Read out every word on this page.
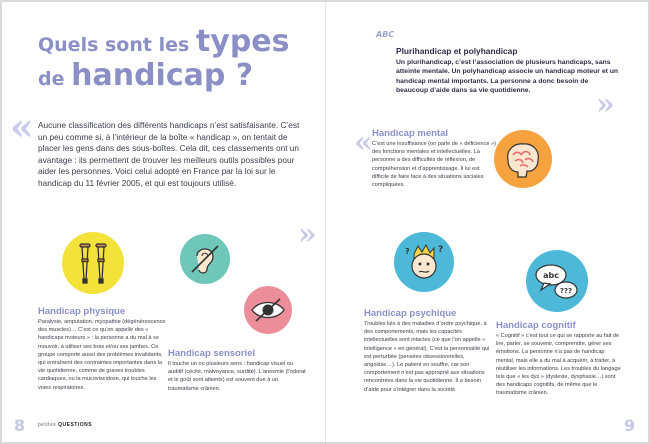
Quels sont les types
de handicap ?
«	«
»
»

Aucune classification des différents handicaps n’est satisfaisante. C’est un peu comme si, à l’intérieur de la boîte « handicap », on tentait de placer les gens dans des sous-boîtes. Cela dit, ces classements ont un avantage : ils permettent de trouver les meilleurs outils possibles pour aider les personnes. Voici celui adopté en France par la loi sur le handicap du 11 février 2005, et qui est toujours utilisé.

ABC
Plurihandicap et polyhandicap

Un plurihandicap, c’est l’association de plusieurs handicaps, sans atteinte mentale. Un polyhandicap associe un handicap moteur et un handicap mental importants. La personne a donc besoin de beaucoup d’aide dans sa vie quotidienne.

Handicap mental

C’est une insuffisance (on parle de « déficience ») des fonctions mentales et intellectuelles. La personne a des difficultés de réflexion, de compréhension et d’apprentissage. Il lui est difficile de faire face à des situations sociales compliquées.

Handicap physique

Paralysie, amputation, myopathie (dégénérescence des muscles)… C’est ce qu’on appelle des « handicaps moteurs » : la personne a du mal à se mouvoir, à utiliser ses bras et/ou ses jambes. Ce groupe comporte aussi des problèmes invalidants, qui entraînent des contraintes importantes dans la vie quotidienne, comme de graves troubles cardiaques, ou la mucoviscidose, qui touche les voies respiratoires.

Handicap sensoriel

Il touche un ou plusieurs sens : handicap visuel ou auditif (cécité, malvoyance, surdité). L’anosmie (l’odorat et le goût sont atteints) est souvent due à un traumatisme crânien.

?
?
Handicap psychique

Troubles liés à des maladies d’ordre psychique, à des comportements, mais les capacités intellectuelles sont intactes (ce que l’on appelle « intelligence » en général). C’est la personnalité qui est perturbée (pensées obsessionnelles, angoisse…). Le patient en souffre, car son comportement n’est pas approprié aux situations rencontrées dans la vie quotidienne. Il a besoin d’aide pour s’intégrer dans la société.

abc
???
Handicap cognitif

« Cognitif » c’est tout ce qui se rapporte au fait de lire, parler, se souvenir, comprendre, gérer ses émotions. La personne n’a pas de handicap mental, mais elle a du mal à acquérir, à traiter, à réutiliser les informations. Les troubles du langage tels que « les dys » (dyslexie, dysphasie…) sont des handicaps cognitifs, de même que le traumatisme crânien.

8	9
petites QUESTIONS
